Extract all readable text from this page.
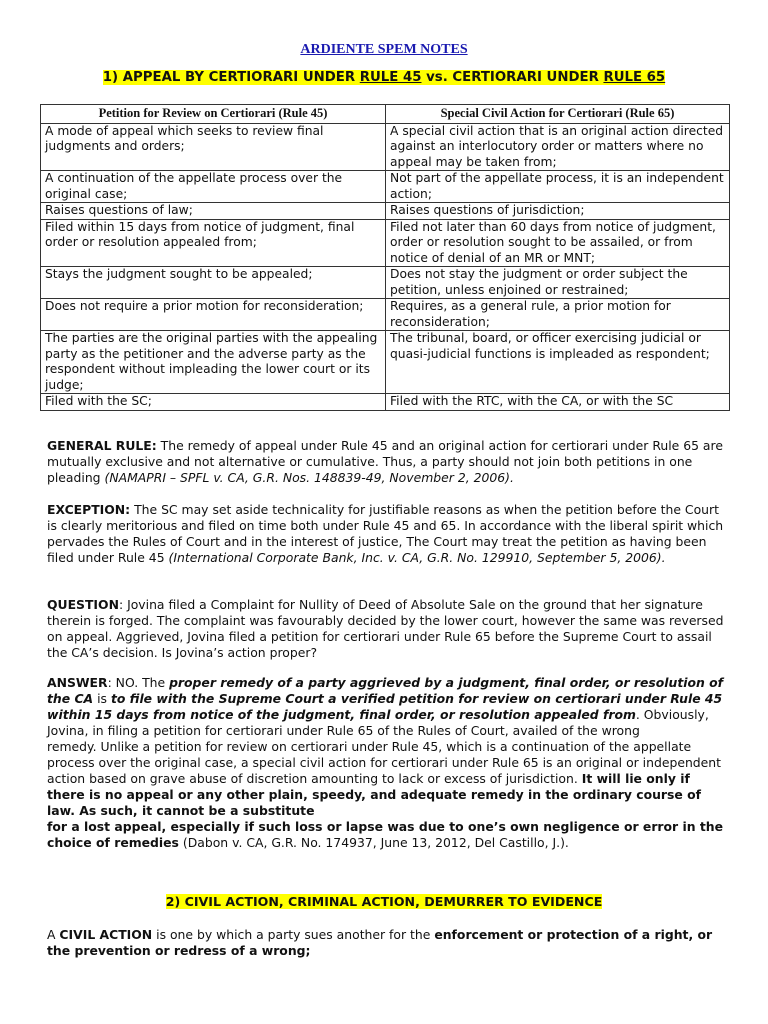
ARDIENTE SPEM NOTES
1) APPEAL BY CERTIORARI UNDER RULE 45 vs. CERTIORARI UNDER RULE 65
Petition for Review on Certiorari (Rule 45)	Special Civil Action for Certiorari (Rule 65)
A mode of appeal which seeks to review final judgments and orders;	A special civil action that is an original action directed against an interlocutory order or matters where no appeal may be taken from;
A continuation of the appellate process over the original case;	Not part of the appellate process, it is an independent action;
Raises questions of law;	Raises questions of jurisdiction;
Filed within 15 days from notice of judgment, final order or resolution appealed from;	Filed not later than 60 days from notice of judgment, order or resolution sought to be assailed, or from notice of denial of an MR or MNT;
Stays the judgment sought to be appealed;	Does not stay the judgment or order subject the petition, unless enjoined or restrained;
Does not require a prior motion for reconsideration;	Requires, as a general rule, a prior motion for reconsideration;
The parties are the original parties with the appealing party as the petitioner and the adverse party as the respondent without impleading the lower court or its judge;	The tribunal, board, or officer exercising judicial or quasi-judicial functions is impleaded as respondent;
Filed with the SC;	Filed with the RTC, with the CA, or with the SC
GENERAL RULE: The remedy of appeal under Rule 45 and an original action for certiorari under Rule 65 are mutually exclusive and not alternative or cumulative. Thus, a party should not join both petitions in one pleading (NAMAPRI – SPFL v. CA, G.R. Nos. 148839-49, November 2, 2006).
EXCEPTION: The SC may set aside technicality for justifiable reasons as when the petition before the Court is clearly meritorious and filed on time both under Rule 45 and 65. In accordance with the liberal spirit which pervades the Rules of Court and in the interest of justice, The Court may treat the petition as having been filed under Rule 45 (International Corporate Bank, Inc. v. CA, G.R. No. 129910, September 5, 2006).
QUESTION: Jovina filed a Complaint for Nullity of Deed of Absolute Sale on the ground that her signature therein is forged. The complaint was favourably decided by the lower court, however the same was reversed on appeal. Aggrieved, Jovina filed a petition for certiorari under Rule 65 before the Supreme Court to assail the CA’s decision. Is Jovina’s action proper?
ANSWER: NO. The proper remedy of a party aggrieved by a judgment, final order, or resolution of the CA is to file with the Supreme Court a verified petition for review on certiorari under Rule 45 within 15 days from notice of the judgment, final order, or resolution appealed from. Obviously, Jovina, in filing a petition for certiorari under Rule 65 of the Rules of Court, availed of the wrong
remedy. Unlike a petition for review on certiorari under Rule 45, which is a continuation of the appellate process over the original case, a special civil action for certiorari under Rule 65 is an original or independent action based on grave abuse of discretion amounting to lack or excess of jurisdiction. It will lie only if there is no appeal or any other plain, speedy, and adequate remedy in the ordinary course of law. As such, it cannot be a substitute
for a lost appeal, especially if such loss or lapse was due to one’s own negligence or error in the choice of remedies (Dabon v. CA, G.R. No. 174937, June 13, 2012, Del Castillo, J.).
2) CIVIL ACTION, CRIMINAL ACTION, DEMURRER TO EVIDENCE
A CIVIL ACTION is one by which a party sues another for the enforcement or protection of a right, or the prevention or redress of a wrong;
